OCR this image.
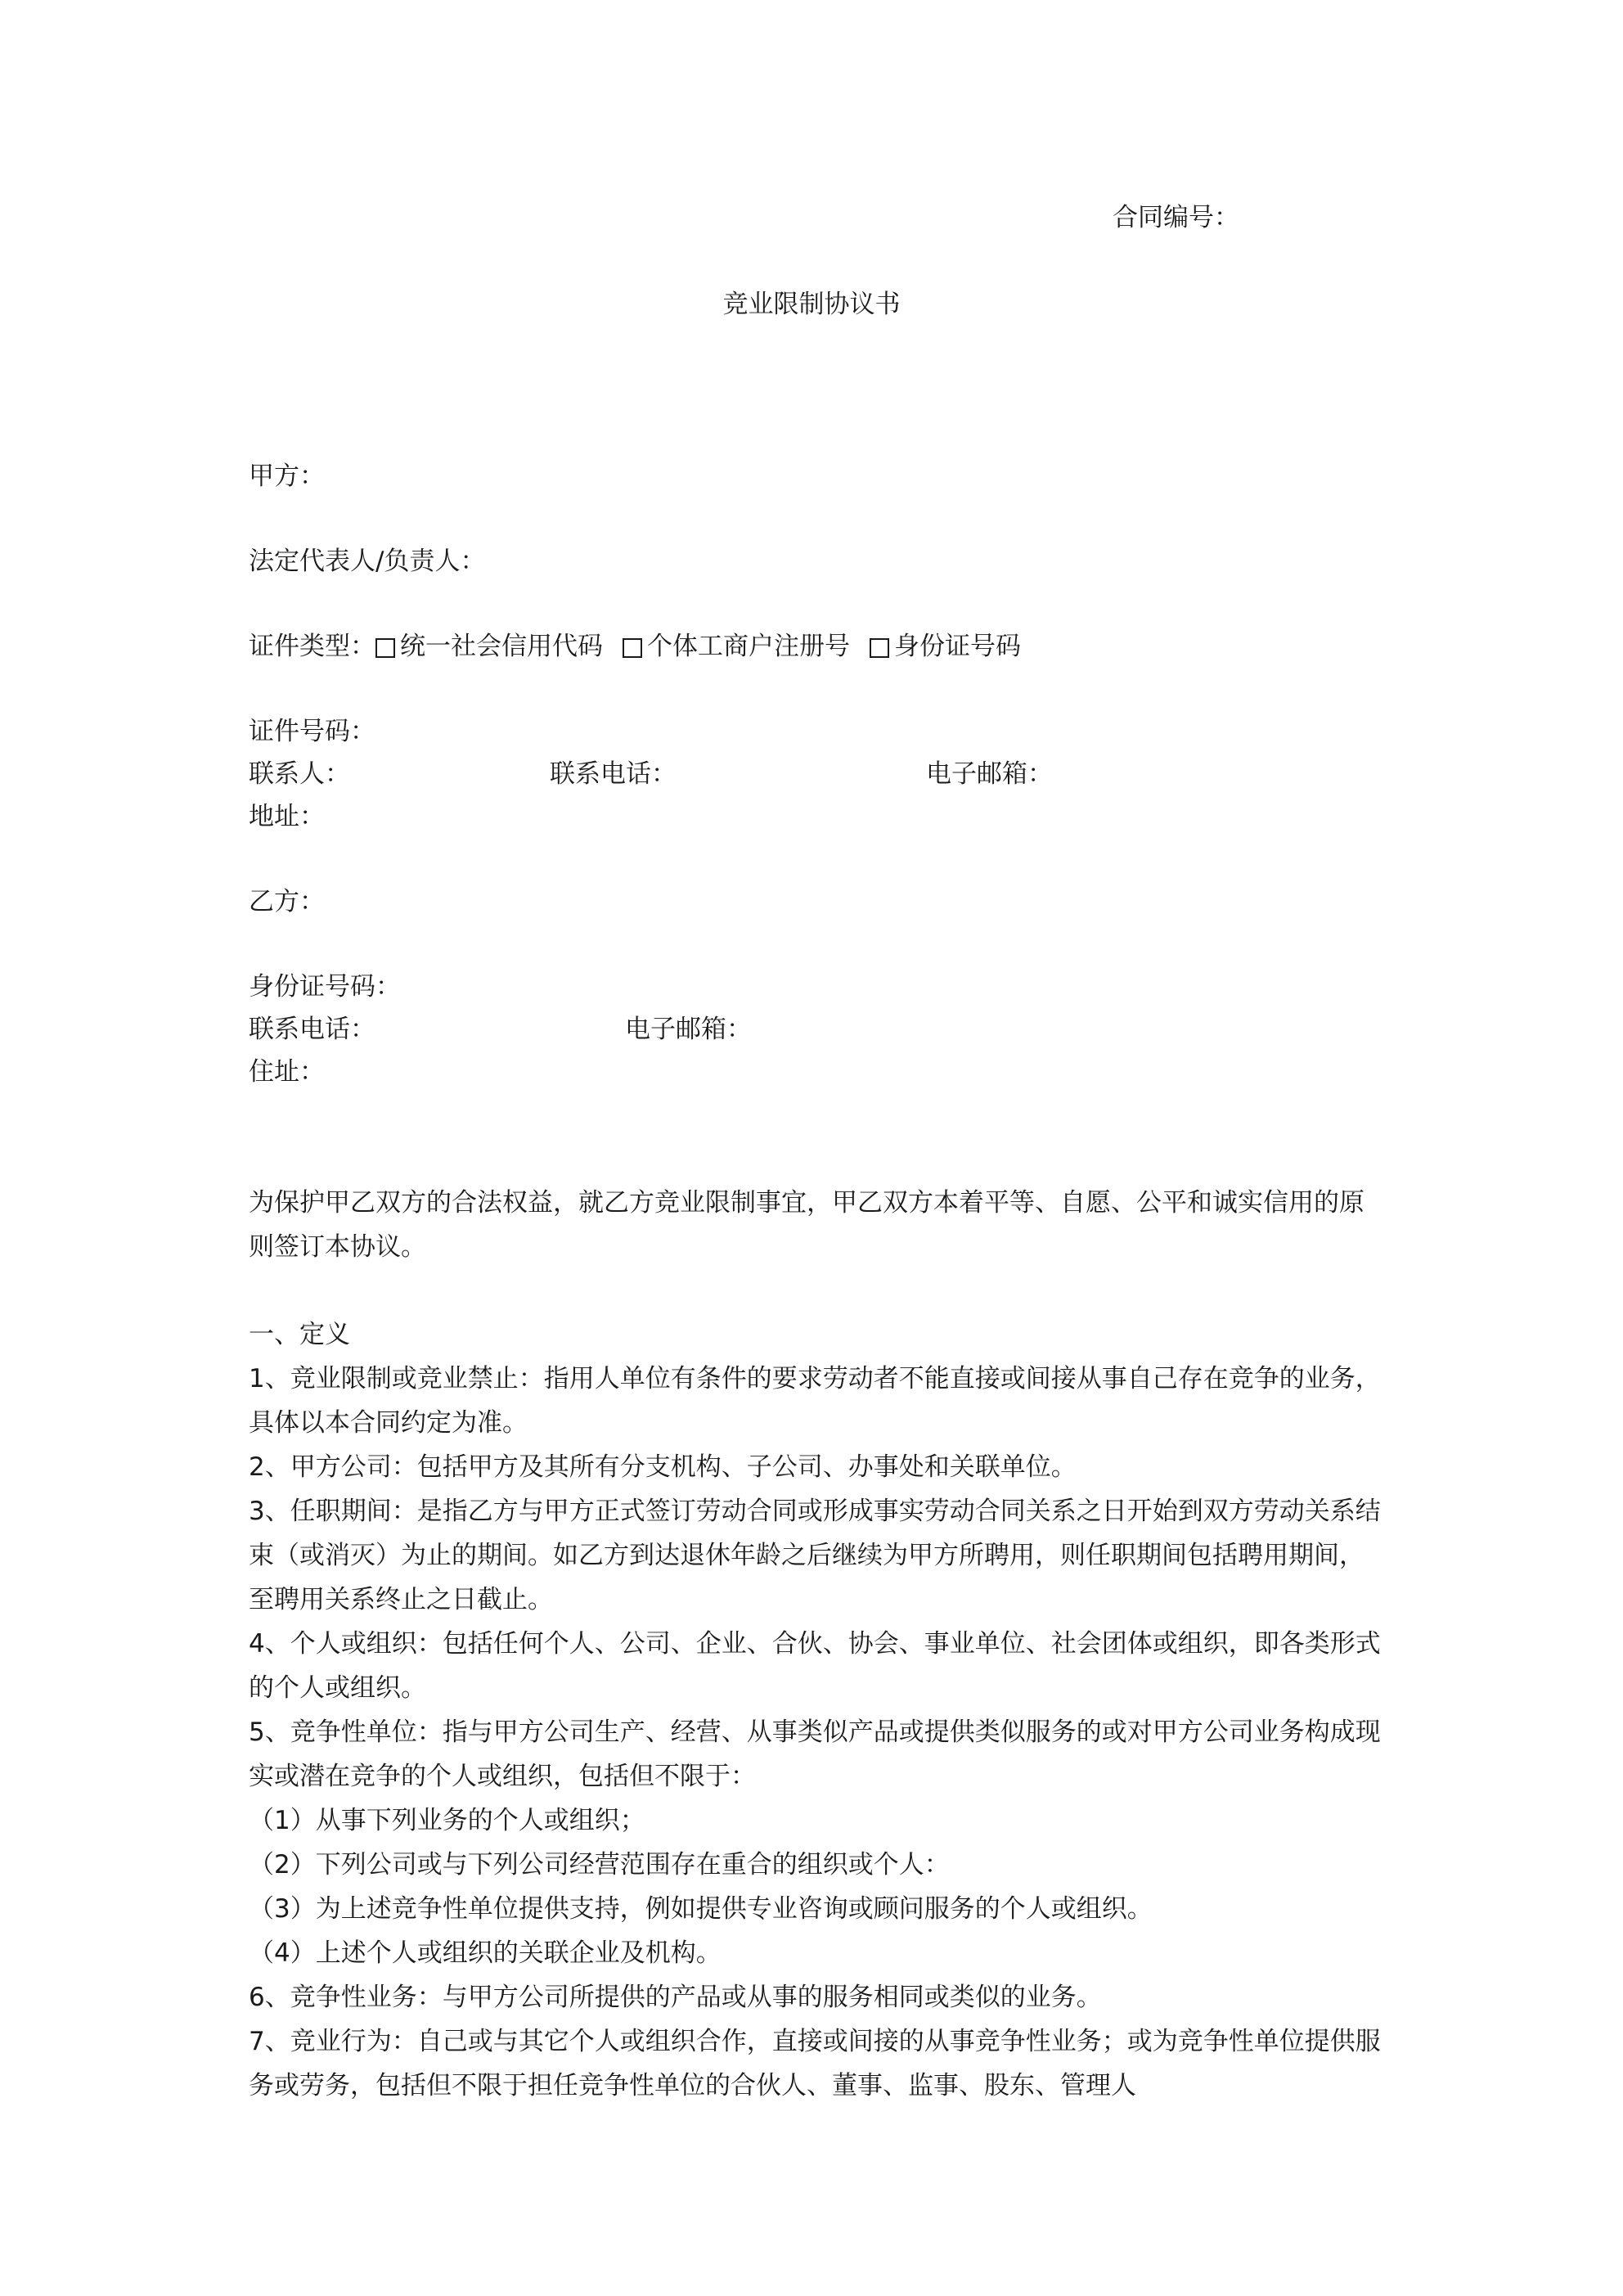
合同编号：
竞业限制协议书
甲方：
法定代表人/负责人：
证件类型： 统一社会信用代码 个体工商户注册号 身份证号码
证件号码：
联系人：	联系电话：	电子邮箱：
地址：
乙方：
身份证号码：
联系电话：	电子邮箱：
住址：

为保护甲乙双方的合法权益，就乙方竞业限制事宜，甲乙双方本着平等、自愿、公平和诚实信用的原则签订本协议。

一、定义

1、竞业限制或竞业禁止：指用人单位有条件的要求劳动者不能直接或间接从事自己存在竞争的业务，具体以本合同约定为准。

2、甲方公司：包括甲方及其所有分支机构、子公司、办事处和关联单位。

3、任职期间：是指乙方与甲方正式签订劳动合同或形成事实劳动合同关系之日开始到双方劳动关系结束（或消灭）为止的期间。如乙方到达退休年龄之后继续为甲方所聘用，则任职期间包括聘用期间，至聘用关系终止之日截止。

4、个人或组织：包括任何个人、公司、企业、合伙、协会、事业单位、社会团体或组织，即各类形式的个人或组织。

5、竞争性单位：指与甲方公司生产、经营、从事类似产品或提供类似服务的或对甲方公司业务构成现实或潜在竞争的个人或组织，包括但不限于：

（1）从事下列业务的个人或组织；

（2）下列公司或与下列公司经营范围存在重合的组织或个人：

（3）为上述竞争性单位提供支持，例如提供专业咨询或顾问服务的个人或组织。

（4）上述个人或组织的关联企业及机构。

6、竞争性业务：与甲方公司所提供的产品或从事的服务相同或类似的业务。

7、竞业行为：自己或与其它个人或组织合作，直接或间接的从事竞争性业务；或为竞争性单位提供服务或劳务，包括但不限于担任竞争性单位的合伙人、董事、监事、股东、管理人
